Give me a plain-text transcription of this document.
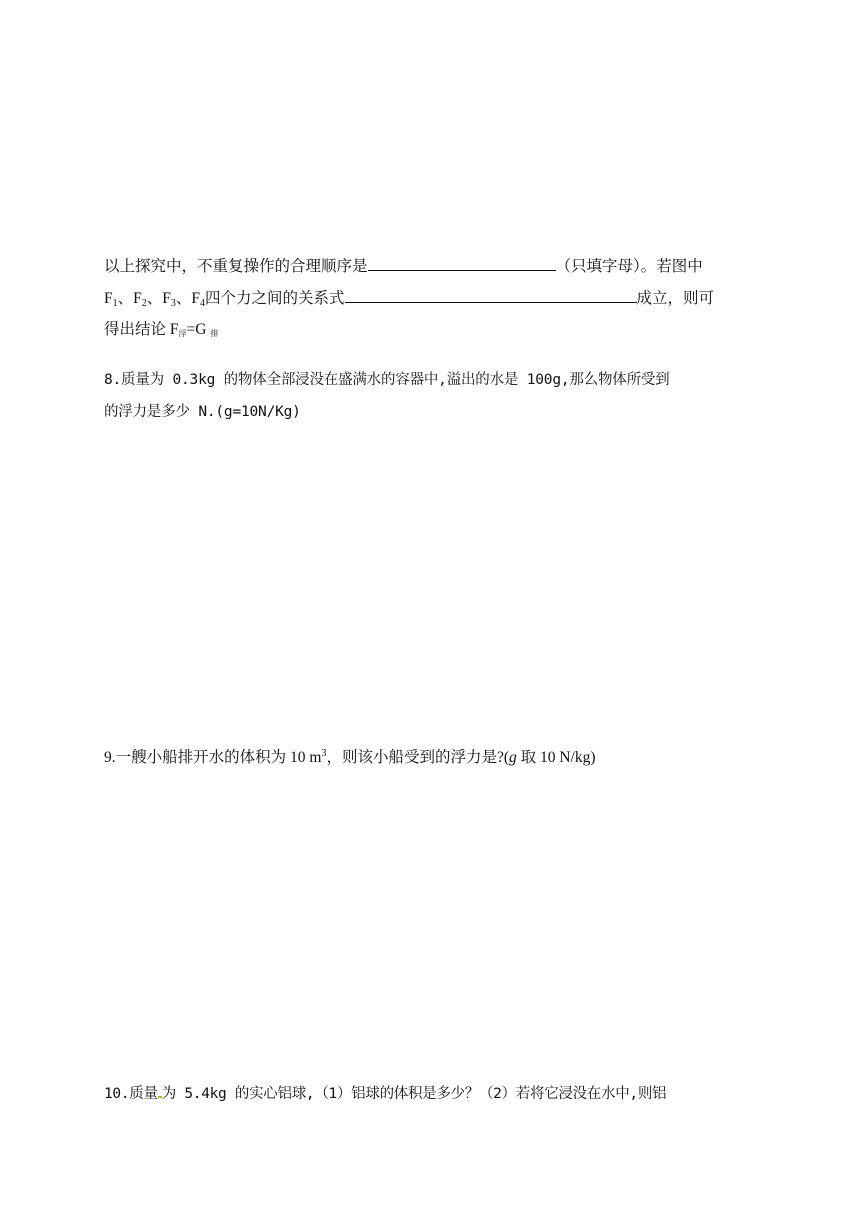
以上探究中，不重复操作的合理顺序是	（只填字母）。若图中
$F_1$、$F_2$、$F_3$、$F_4$四个力之间的关系式	成立，则可
得出结论 $F_浮=G$ $_排$
8.质量为 0.3kg 的物体全部浸没在盛满水的容器中,溢出的水是 100g,那么物体所受到
的浮力是多少 N.(g=10N/Kg)
9.一艘小船排开水的体积为 10 $m^3$，则该小船受到的浮力是?(g 取 10 N/kg)
10.质量 为 5.4kg 的实心铝球,（1）铝球的体积是多少？（2）若将它浸没在水中,则铝
